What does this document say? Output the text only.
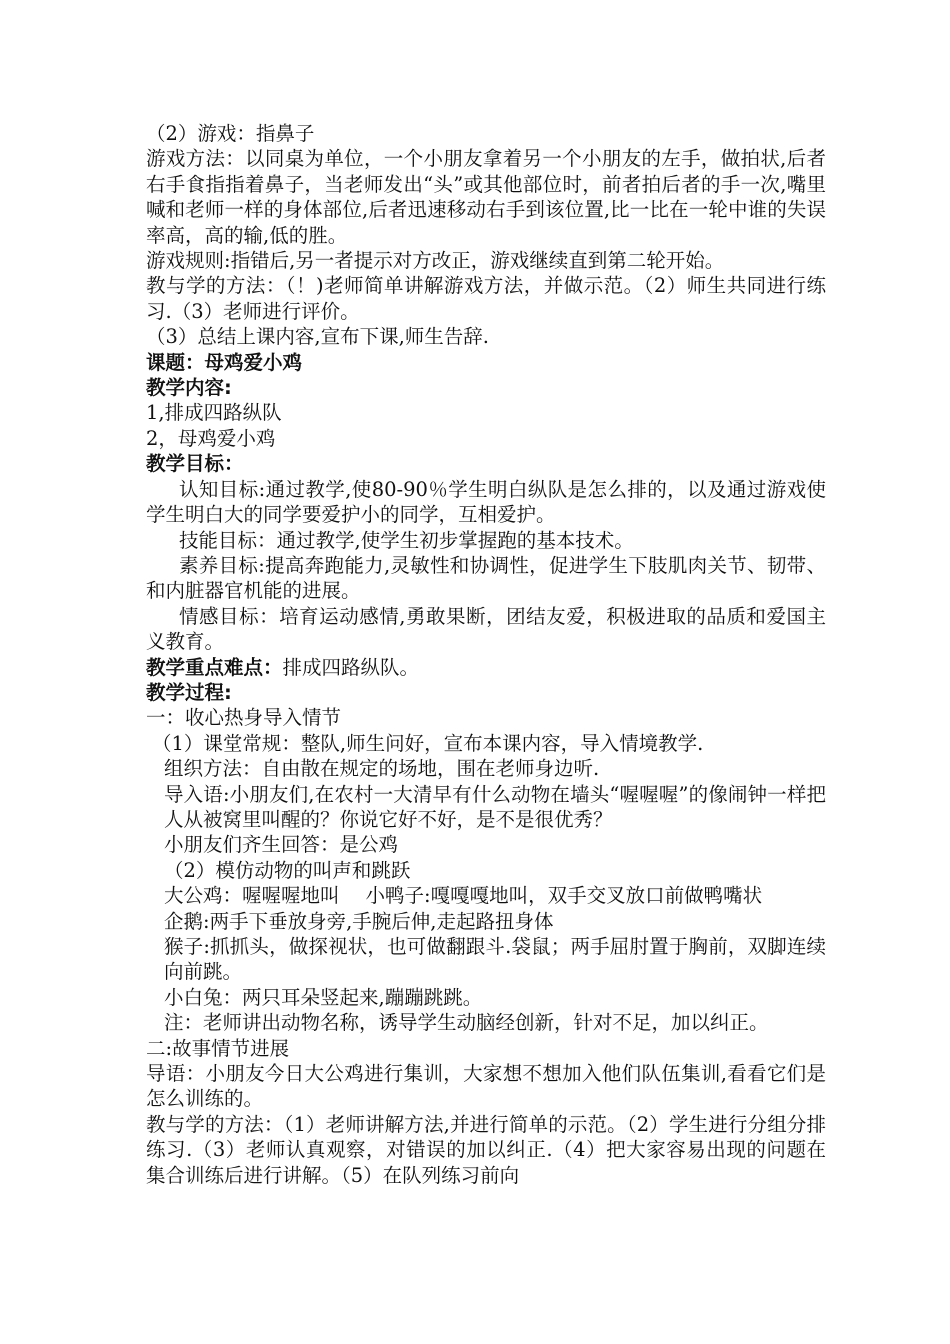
（2）游戏：指鼻子

游戏方法：以同桌为单位，一个小朋友拿着另一个小朋友的左手，做拍状,后者右手食指指着鼻子，当老师发出“头”或其他部位时，前者拍后者的手一次,嘴里喊和老师一样的身体部位,后者迅速移动右手到该位置,比一比在一轮中谁的失误率高，高的输,低的胜。

游戏规则:指错后,另一者提示对方改正，游戏继续直到第二轮开始。

教与学的方法：（！)老师简单讲解游戏方法，并做示范。（2）师生共同进行练习.（3）老师进行评价。

（3）总结上课内容,宣布下课,师生告辞.

课题：母鸡爱小鸡

教学内容:

1,排成四路纵队

2，母鸡爱小鸡

教学目标：

认知目标:通过教学,使80-90％学生明白纵队是怎么排的，以及通过游戏使学生明白大的同学要爱护小的同学，互相爱护。

技能目标：通过教学,使学生初步掌握跑的基本技术。

素养目标:提高奔跑能力,灵敏性和协调性，促进学生下肢肌肉关节、韧带、和内脏器官机能的进展。

情感目标：培育运动感情,勇敢果断，团结友爱，积极进取的品质和爱国主义教育。

教学重点难点：排成四路纵队。

教学过程:

一：收心热身导入情节

（1）课堂常规：整队,师生问好，宣布本课内容，导入情境教学.

组织方法：自由散在规定的场地，围在老师身边听.

导入语:小朋友们,在农村一大清早有什么动物在墙头“喔喔喔”的像闹钟一样把人从被窝里叫醒的？你说它好不好，是不是很优秀？

小朋友们齐生回答：是公鸡

（2）模仿动物的叫声和跳跃

大公鸡：喔喔喔地叫 小鸭子:嘎嘎嘎地叫，双手交叉放口前做鸭嘴状

企鹅:两手下垂放身旁,手腕后伸,走起路扭身体

猴子:抓抓头，做探视状，也可做翻跟斗.袋鼠；两手屈肘置于胸前，双脚连续向前跳。

小白兔：两只耳朵竖起来,蹦蹦跳跳。

注：老师讲出动物名称，诱导学生动脑经创新，针对不足，加以纠正。

二:故事情节进展

导语：小朋友今日大公鸡进行集训，大家想不想加入他们队伍集训,看看它们是怎么训练的。

教与学的方法：（1）老师讲解方法,并进行简单的示范。（2）学生进行分组分排练习.（3）老师认真观察，对错误的加以纠正.（4）把大家容易出现的问题在集合训练后进行讲解。（5）在队列练习前向
